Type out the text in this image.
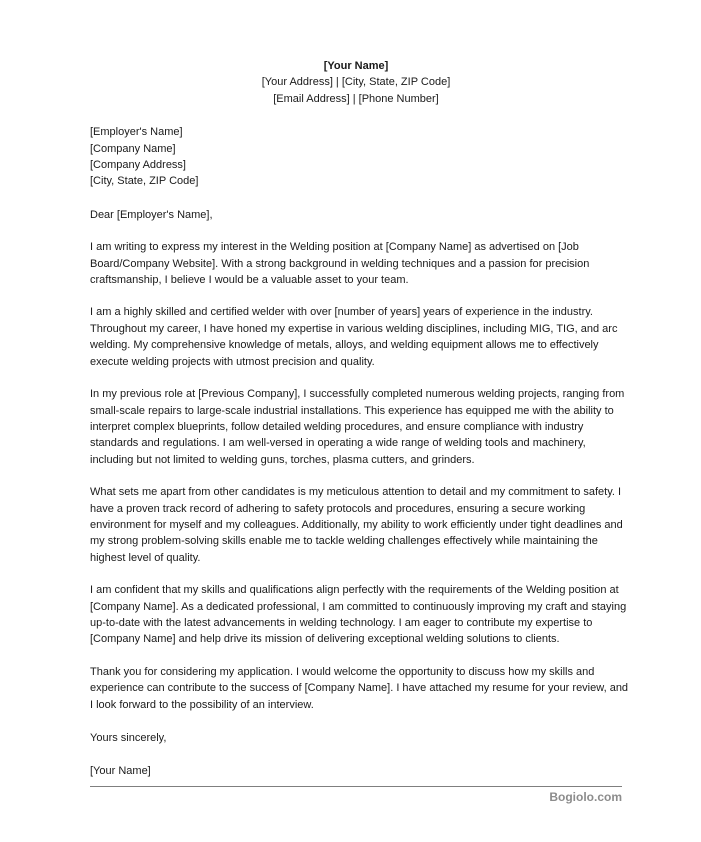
[Your Name]
[Your Address] | [City, State, ZIP Code]
[Email Address] | [Phone Number]
[Employer's Name]
[Company Name]
[Company Address]
[City, State, ZIP Code]
Dear [Employer's Name],

I am writing to express my interest in the Welding position at [Company Name] as advertised on [Job Board/Company Website]. With a strong background in welding techniques and a passion for precision craftsmanship, I believe I would be a valuable asset to your team.

I am a highly skilled and certified welder with over [number of years] years of experience in the industry. Throughout my career, I have honed my expertise in various welding disciplines, including MIG, TIG, and arc welding. My comprehensive knowledge of metals, alloys, and welding equipment allows me to effectively execute welding projects with utmost precision and quality.

In my previous role at [Previous Company], I successfully completed numerous welding projects, ranging from small-scale repairs to large-scale industrial installations. This experience has equipped me with the ability to interpret complex blueprints, follow detailed welding procedures, and ensure compliance with industry standards and regulations. I am well-versed in operating a wide range of welding tools and machinery, including but not limited to welding guns, torches, plasma cutters, and grinders.

What sets me apart from other candidates is my meticulous attention to detail and my commitment to safety. I have a proven track record of adhering to safety protocols and procedures, ensuring a secure working environment for myself and my colleagues. Additionally, my ability to work efficiently under tight deadlines and my strong problem-solving skills enable me to tackle welding challenges effectively while maintaining the highest level of quality.

I am confident that my skills and qualifications align perfectly with the requirements of the Welding position at [Company Name]. As a dedicated professional, I am committed to continuously improving my craft and staying up-to-date with the latest advancements in welding technology. I am eager to contribute my expertise to [Company Name] and help drive its mission of delivering exceptional welding solutions to clients.

Thank you for considering my application. I would welcome the opportunity to discuss how my skills and experience can contribute to the success of [Company Name]. I have attached my resume for your review, and I look forward to the possibility of an interview.

Yours sincerely,
[Your Name]
Bogiolo.com
